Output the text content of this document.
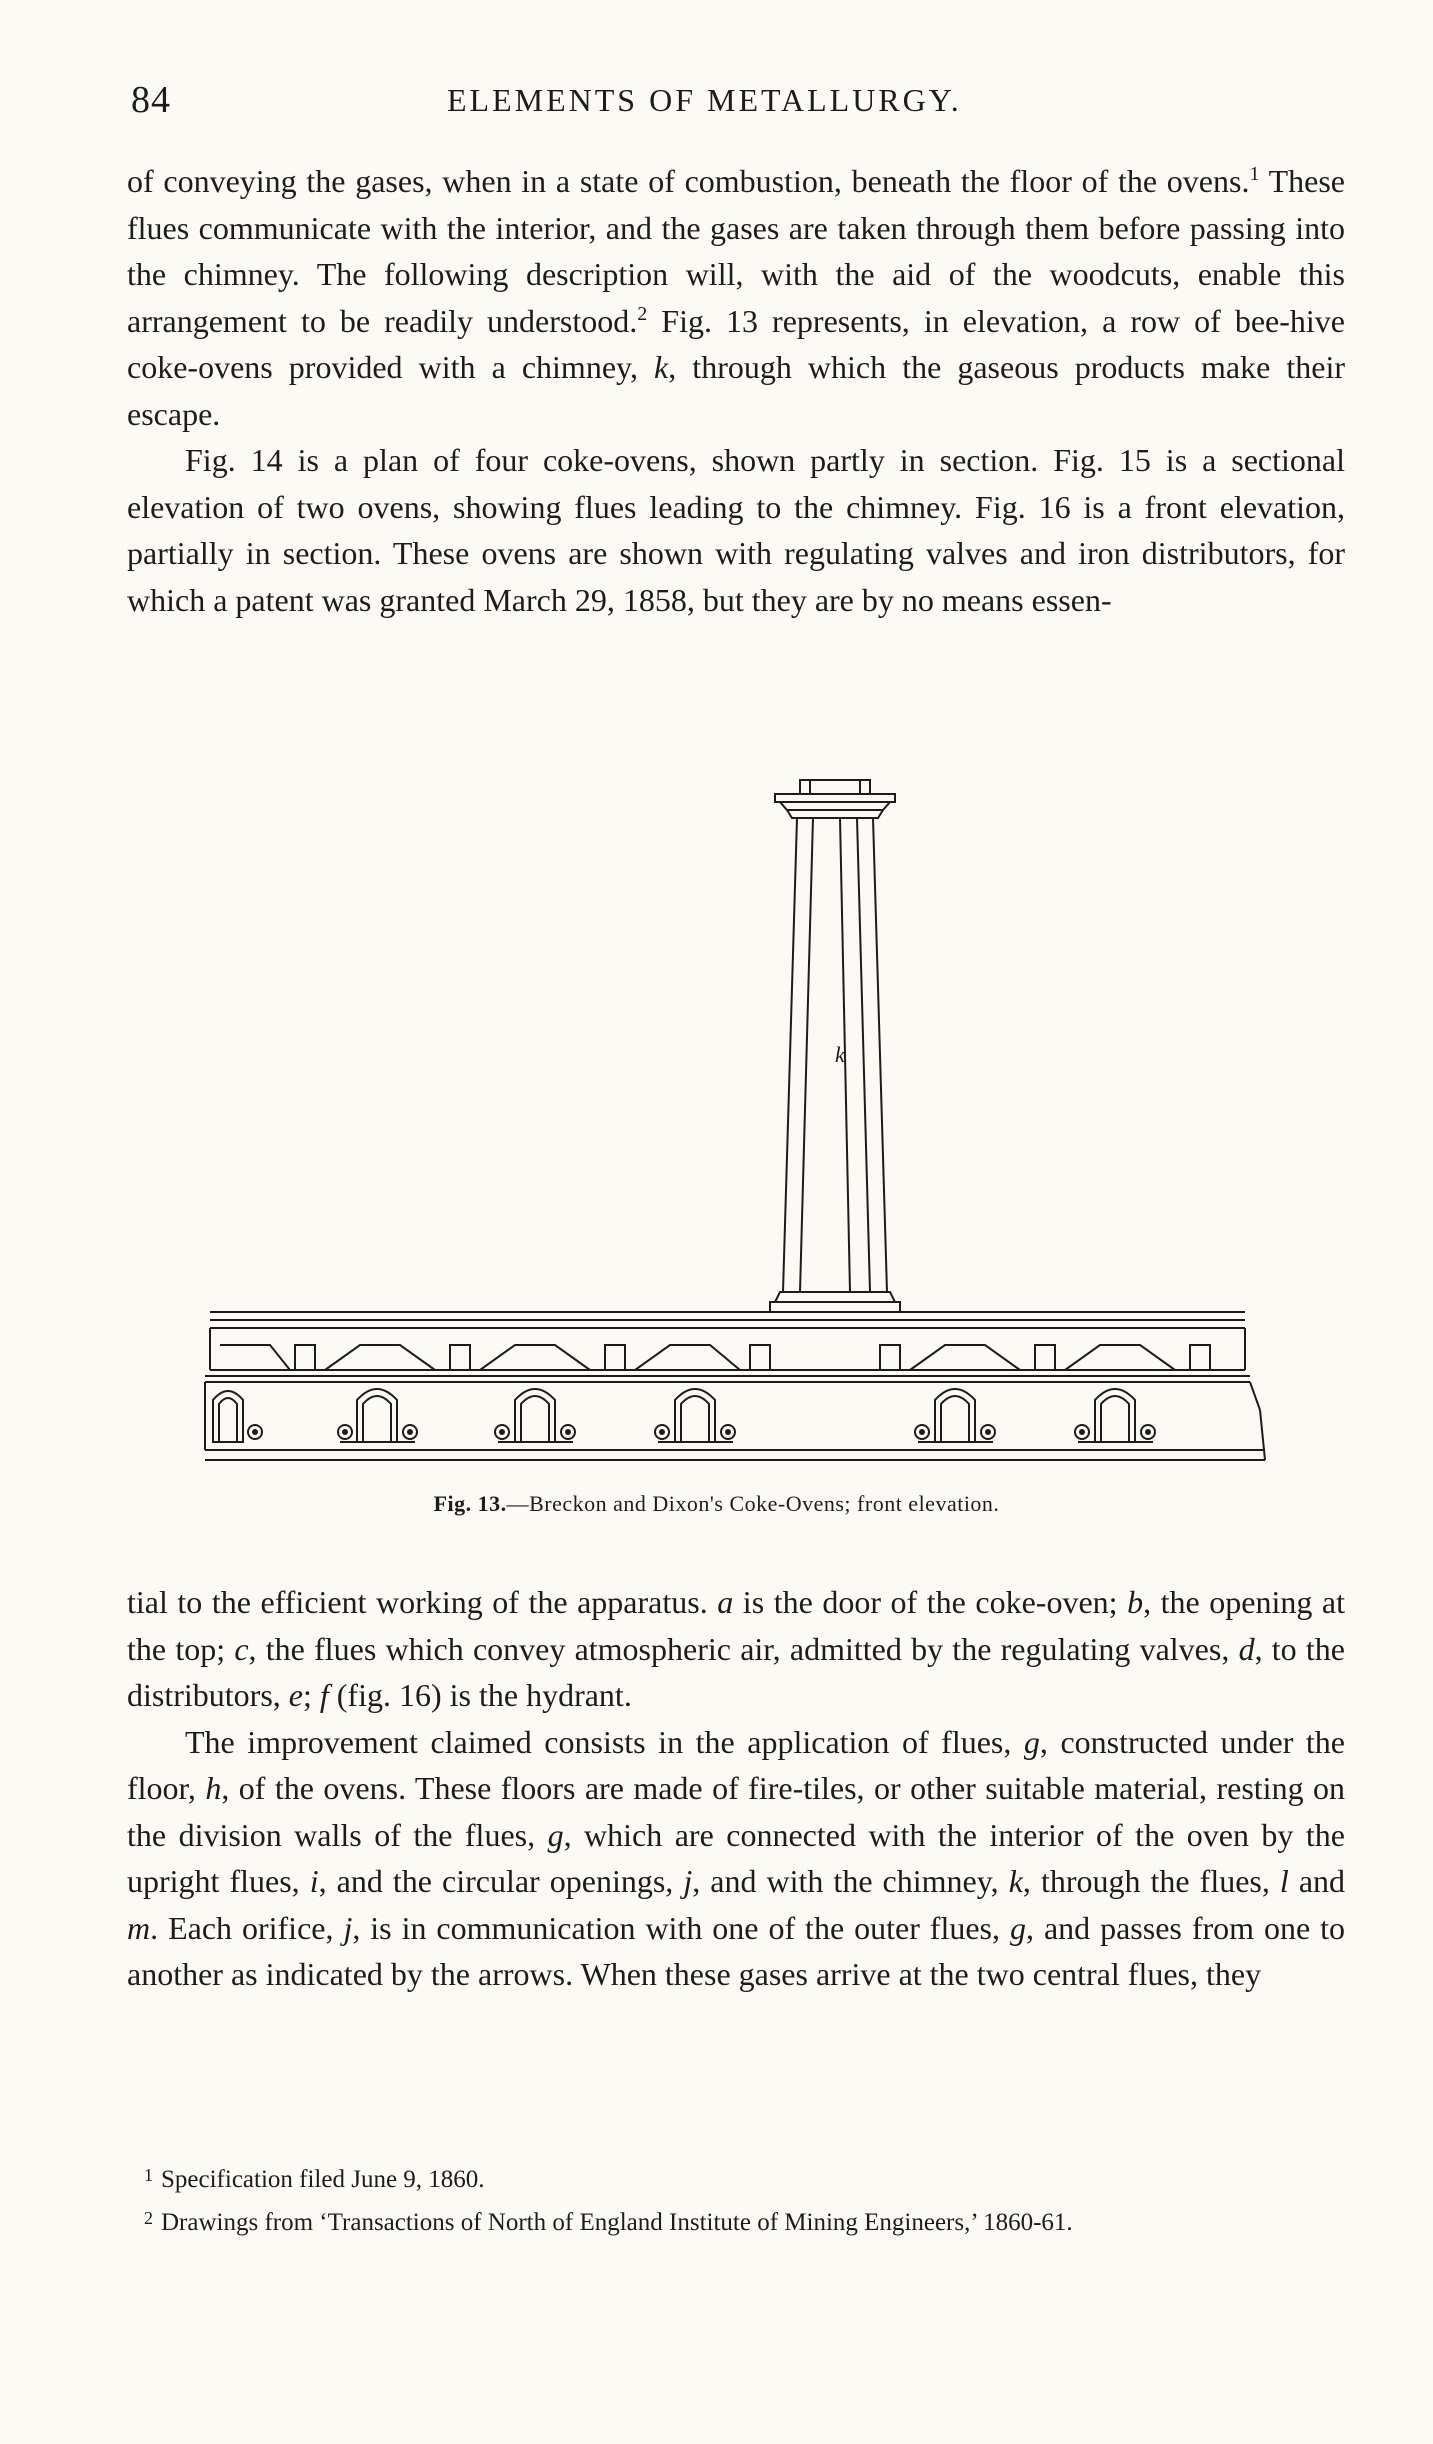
84	ELEMENTS OF METALLURGY.

of conveying the gases, when in a state of combustion, beneath the floor of the ovens.$^1$ These flues communicate with the interior, and the gases are taken through them before passing into the chimney. The following description will, with the aid of the woodcuts, enable this arrangement to be readily understood.$^2$ Fig. 13 represents, in elevation, a row of bee-hive coke-ovens provided with a chimney, k, through which the gaseous products make their escape.

Fig. 14 is a plan of four coke-ovens, shown partly in section. Fig. 15 is a sectional elevation of two ovens, showing flues leading to the chimney. Fig. 16 is a front elevation, partially in section. These ovens are shown with regulating valves and iron distributors, for which a patent was granted March 29, 1858, but they are by no means essen-

k
Fig. 13.—Breckon and Dixon's Coke-Ovens; front elevation.

tial to the efficient working of the apparatus. a is the door of the coke-oven; b, the opening at the top; c, the flues which convey atmospheric air, admitted by the regulating valves, d, to the distributors, e; f (fig. 16) is the hydrant.

The improvement claimed consists in the application of flues, g, constructed under the floor, h, of the ovens. These floors are made of fire-tiles, or other suitable material, resting on the division walls of the flues, g, which are connected with the interior of the oven by the upright flues, i, and the circular openings, j, and with the chimney, k, through the flues, l and m. Each orifice, j, is in communication with one of the outer flues, g, and passes from one to another as indicated by the arrows. When these gases arrive at the two central flues, they

$^1$ Specification filed June 9, 1860.

$^2$ Drawings from ‘Transactions of North of England Institute of Mining Engineers,’ 1860-61.
